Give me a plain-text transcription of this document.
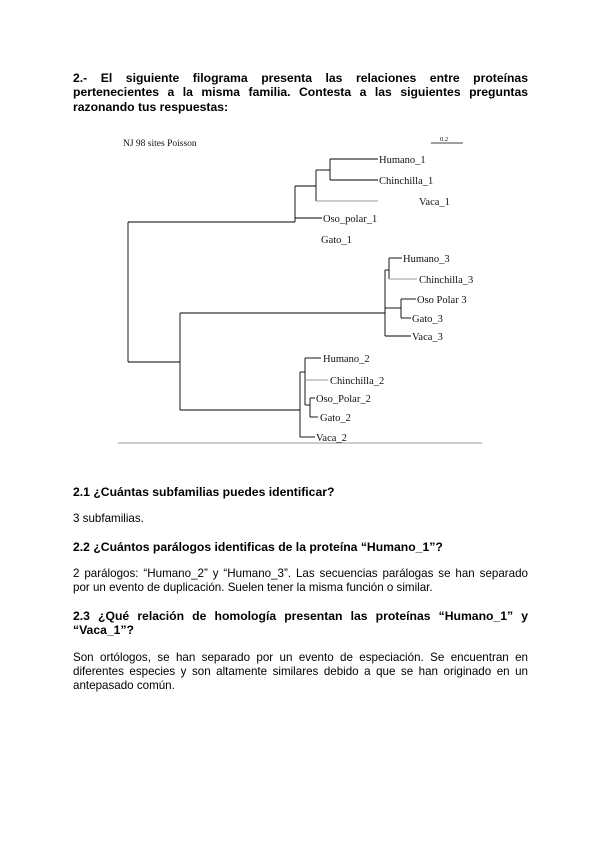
2.- El siguiente filograma presenta las relaciones entre proteínas pertenecientes a la misma familia. Contesta a las siguientes preguntas razonando tus respuestas:

NJ 98 sites Poisson	0.2
Humano_1
Chinchilla_1
Vaca_1
Oso_polar_1
Gato_1
Humano_3
Chinchilla_3
Oso Polar 3
Gato_3
Vaca_3
Humano_2
Chinchilla_2
Oso_Polar_2
Gato_2
Vaca_2

2.1 ¿Cuántas subfamilias puedes identificar?

3 subfamilias.

2.2 ¿Cuántos parálogos identificas de la proteína “Humano_1”?

2 parálogos: “Humano_2” y “Humano_3”. Las secuencias parálogas se han separado por un evento de duplicación. Suelen tener la misma función o similar.

2.3 ¿Qué relación de homología presentan las proteínas “Humano_1” y “Vaca_1”?

Son ortólogos, se han separado por un evento de especiación. Se encuentran en diferentes especies y son altamente similares debido a que se han originado en un antepasado común.
